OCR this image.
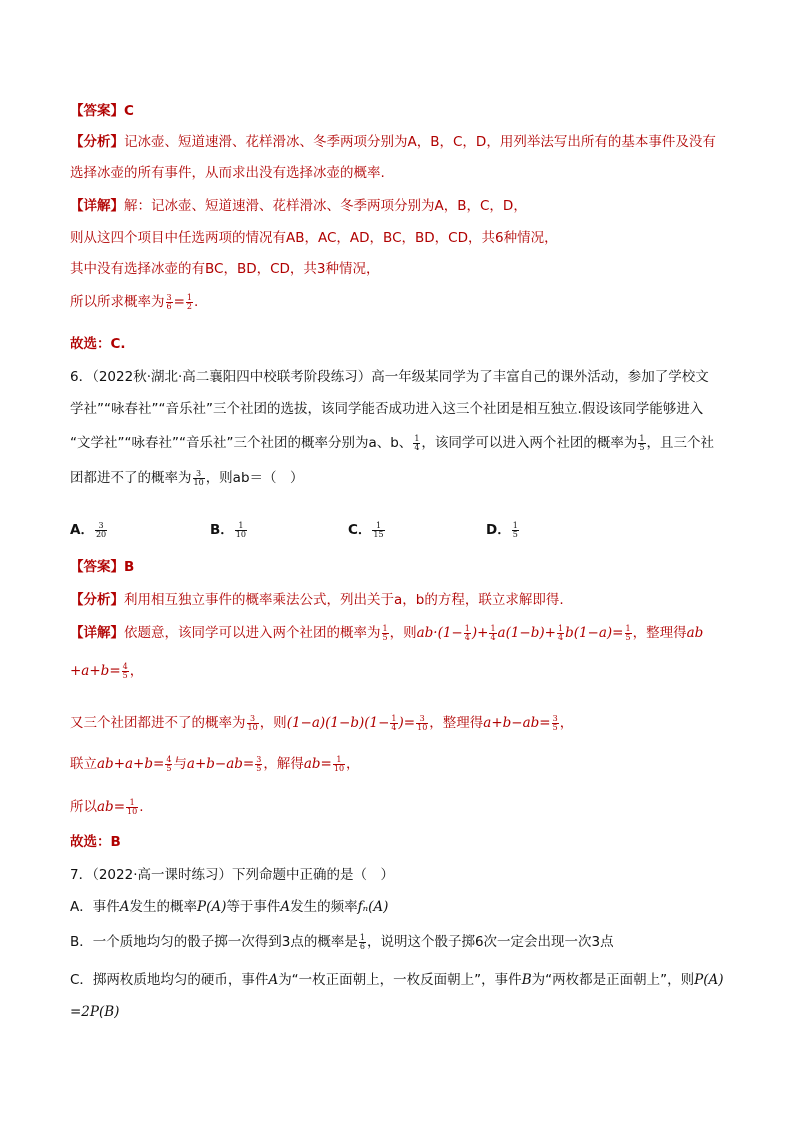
【答案】C
【分析】记冰壶、短道速滑、花样滑冰、冬季两项分别为A，B，C，D，用列举法写出所有的基本事件及没有
选择冰壶的所有事件，从而求出没有选择冰壶的概率.
【详解】解：记冰壶、短道速滑、花样滑冰、冬季两项分别为A，B，C，D，
则从这四个项目中任选两项的情况有AB，AC，AD，BC，BD，CD，共6种情况，
其中没有选择冰壶的有BC，BD，CD，共3种情况，
所以所求概率为 $\frac{3}{6} = \frac{1}{2}$ .
故选：C.
6．（2022秋·湖北·高二襄阳四中校联考阶段练习）高一年级某同学为了丰富自己的课外活动，参加了学校文
学社”“咏春社”“音乐社”三个社团的选拔，该同学能否成功进入这三个社团是相互独立.假设该同学能够进入
“文学社”“咏春社”“音乐社”三个社团的概率分别为a、b、 $\frac{1}{4}$ ，该同学可以进入两个社团的概率为 $\frac{1}{5}$ ，且三个社
团都进不了的概率为 $\frac{3}{10}$ ，则ab＝（　）
A． $\frac{3}{20}$	B． $\frac{1}{10}$	C． $\frac{1}{15}$	D． $\frac{1}{5}$
【答案】B
【分析】利用相互独立事件的概率乘法公式，列出关于a，b的方程，联立求解即得.
【详解】依题意，该同学可以进入两个社团的概率为 $\frac{1}{5}$ ，则$ab\cdot(1- \frac{1}{4}$ )+ $\frac{1}{4} a(1-b)+ \frac{1}{4} b(1-a)= \frac{1}{5}$ ，整理得ab
$+a+b= \frac{4}{5}$ ，
又三个社团都进不了的概率为 $\frac{3}{10}$ ，则$(1-a)(1-b)(1- \frac{1}{4}$ )= $\frac{3}{10}$ ，整理得$a+b-ab= \frac{3}{5}$ ，
联立$ab+a+b= \frac{4}{5}$ 与$a+b-ab= \frac{3}{5}$ ，解得$ab= \frac{1}{10}$ ，
所以$ab= \frac{1}{10}$ .
故选：B
7．（2022·高一课时练习）下列命题中正确的是（　）
A．事件A发生的概率P(A)等于事件A发生的频率fₙ(A)
B．一个质地均匀的骰子掷一次得到3点的概率是 $\frac{1}{6}$ ，说明这个骰子掷6次一定会出现一次3点
C．掷两枚质地均匀的硬币，事件A为“一枚正面朝上，一枚反面朝上”，事件B为“两枚都是正面朝上”，则P(A)
=2P(B)
